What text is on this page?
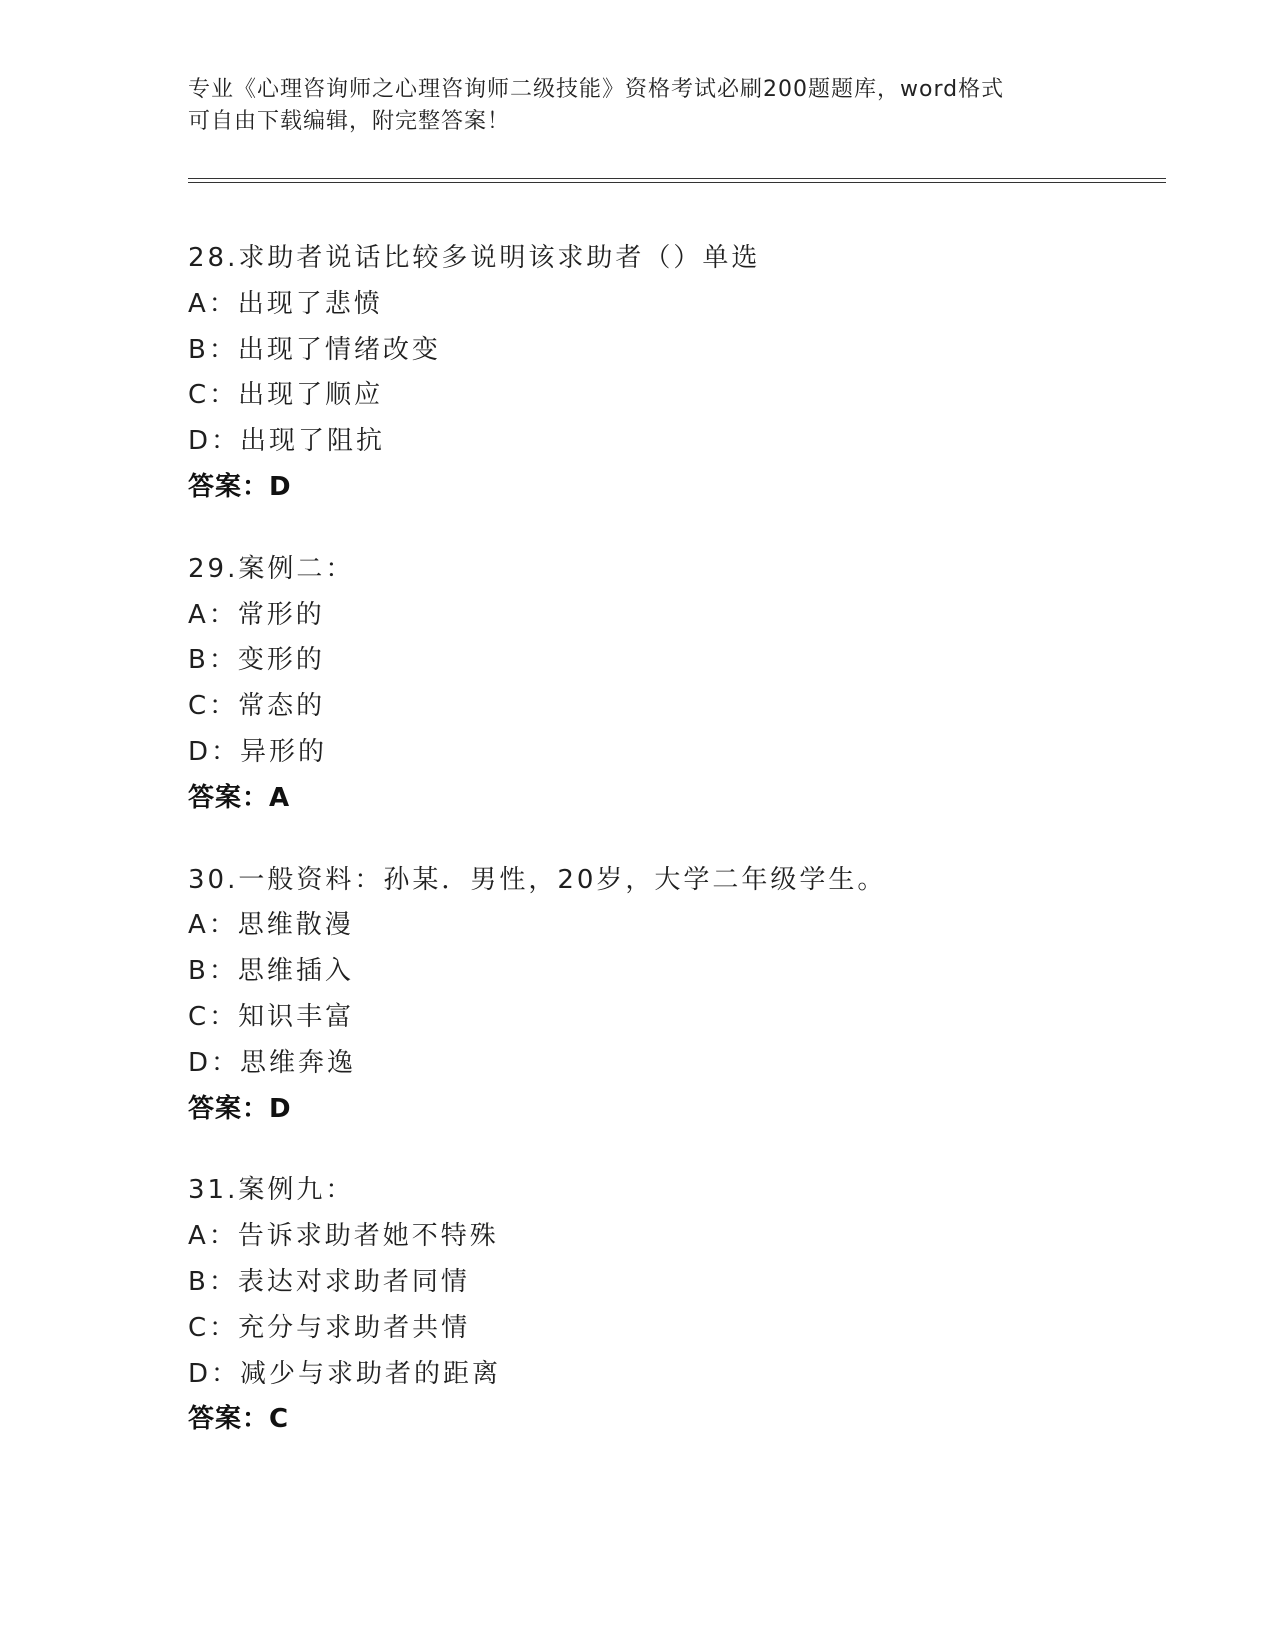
专业《心理咨询师之心理咨询师二级技能》资格考试必刷200题题库，word格式

可自由下载编辑，附完整答案！

28.求助者说话比较多说明该求助者（）单选
A：出现了悲愤
B：出现了情绪改变
C：出现了顺应
D：出现了阻抗
答案：D
29.案例二：
A：常形的
B：变形的
C：常态的
D：异形的
答案：A
30.一般资料：孙某．男性，20岁，大学二年级学生。
A：思维散漫
B：思维插入
C：知识丰富
D：思维奔逸
答案：D
31.案例九：
A：告诉求助者她不特殊
B：表达对求助者同情
C：充分与求助者共情
D：减少与求助者的距离
答案：C
